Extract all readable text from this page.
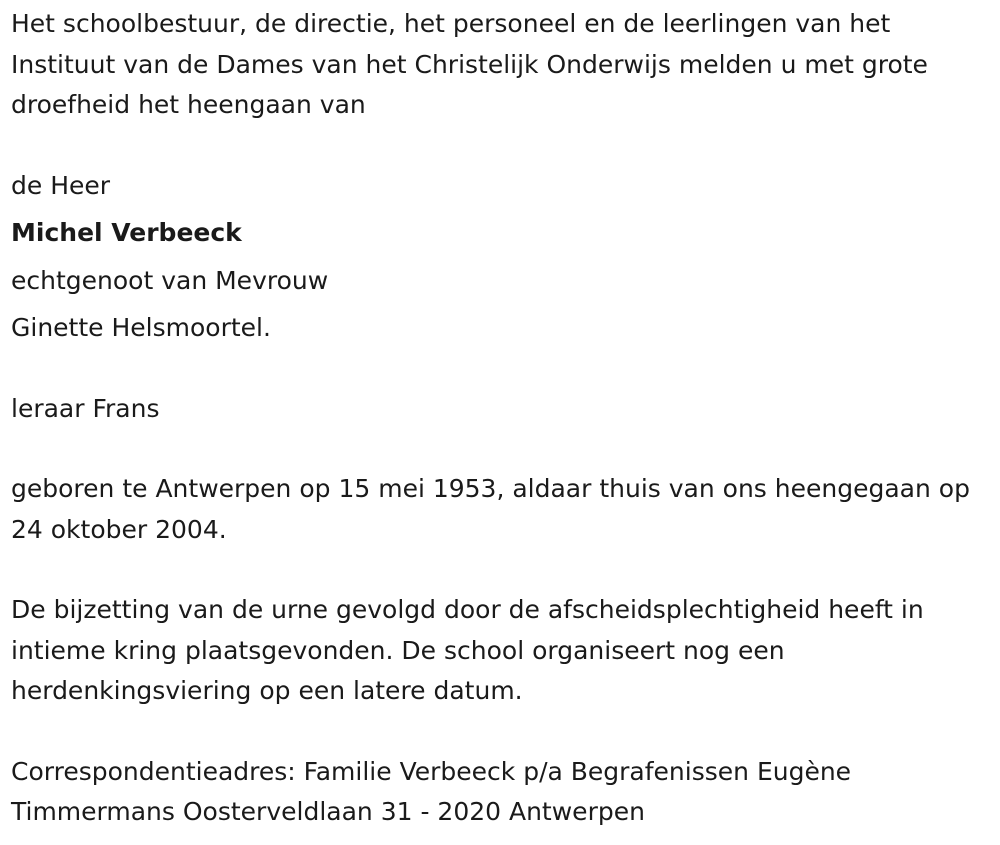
Het schoolbestuur, de directie, het personeel en de leerlingen van het Instituut van de Dames van het Christelijk Onderwijs melden u met grote droefheid het heengaan van

de Heer

Michel Verbeeck

echtgenoot van Mevrouw

Ginette Helsmoortel.

leraar Frans

geboren te Antwerpen op 15 mei 1953, aldaar thuis van ons heengegaan op 24 oktober 2004.

De bijzetting van de urne gevolgd door de afscheidsplechtigheid heeft in intieme kring plaatsgevonden. De school organiseert nog een herdenkingsviering op een latere datum.

Correspondentieadres: Familie Verbeeck p/a Begrafenissen Eugène Timmermans Oosterveldlaan 31 - 2020 Antwerpen
